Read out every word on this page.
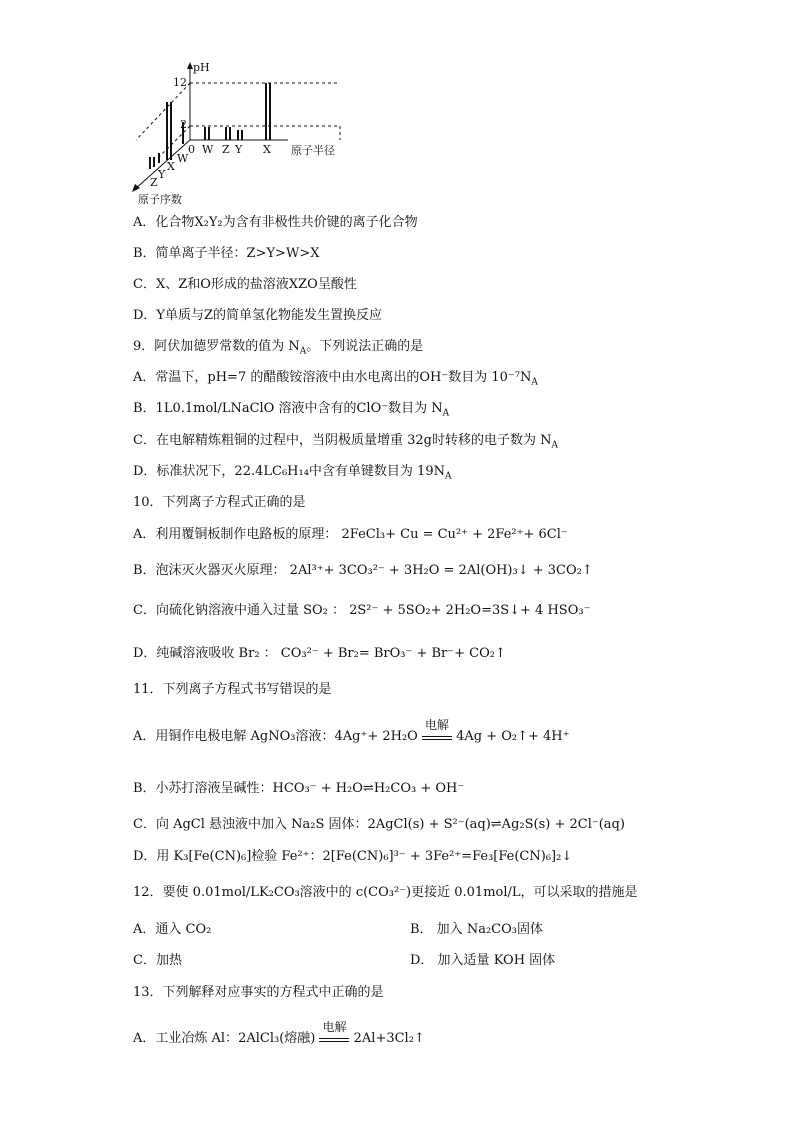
pH
12
2
0 W Z Y X 原子半径
Z
Y
X
W
原子序数
A．化合物X₂Y₂为含有非极性共价键的离子化合物
B．简单离子半径：Z>Y>W>X
C．X、Z和O形成的盐溶液XZO呈酸性
D．Y单质与Z的简单氢化物能发生置换反应
9．阿伏加德罗常数的值为 $N_A$。下列说法正确的是
A．常温下，pH=7 的醋酸铵溶液中由水电离出的OH⁻数目为 $10^{-7}N_A$
B．1L0.1mol/LNaClO 溶液中含有的ClO⁻数目为 $N_A$
C．在电解精炼粗铜的过程中，当阴极质量增重 32g时转移的电子数为 $N_A$
D．标准状况下，22.4LC₆H₁₄中含有单键数目为 $19N_A$
10．下列离子方程式正确的是
A．利用覆铜板制作电路板的原理： 2FeCl₃+ Cu = Cu²⁺ + 2Fe²⁺+ 6Cl⁻
B．泡沫灭火器灭火原理： 2Al³⁺+ 3CO₃²⁻ + 3H₂O = 2Al(OH)₃↓ + 3CO₂↑
C．向硫化钠溶液中通入过量 SO₂ ： 2S²⁻ + 5SO₂+ 2H₂O=3S↓+ 4 HSO₃⁻
D．纯碱溶液吸收 Br₂ ： CO₃²⁻ + Br₂= BrO₃⁻ + Br⁻+ CO₂↑
11．下列离子方程式书写错误的是
A．用铜作电极电解 AgNO₃溶液：4Ag⁺+ 2H₂O
电解
4Ag + O₂↑+ 4H⁺
B．小苏打溶液呈碱性：HCO₃⁻ + H₂O⇌H₂CO₃ + OH⁻
C．向 AgCl 悬浊液中加入 Na₂S 固体：2AgCl(s) + S²⁻(aq)⇌Ag₂S(s) + 2Cl⁻(aq)
D．用 K₃[Fe(CN)₆]检验 Fe²⁺：2[Fe(CN)₆]³⁻ + 3Fe²⁺=Fe₃[Fe(CN)₆]₂↓
12．要使 0.01mol/LK₂CO₃溶液中的 c(CO₃²⁻)更接近 0.01mol/L，可以采取的措施是
A．通入 CO₂	B． 加入 Na₂CO₃固体
C．加热	D． 加入适量 KOH 固体
13．下列解释对应事实的方程式中正确的是
A．工业冶炼 Al：2AlCl₃(熔融)
电解
2Al+3Cl₂↑
